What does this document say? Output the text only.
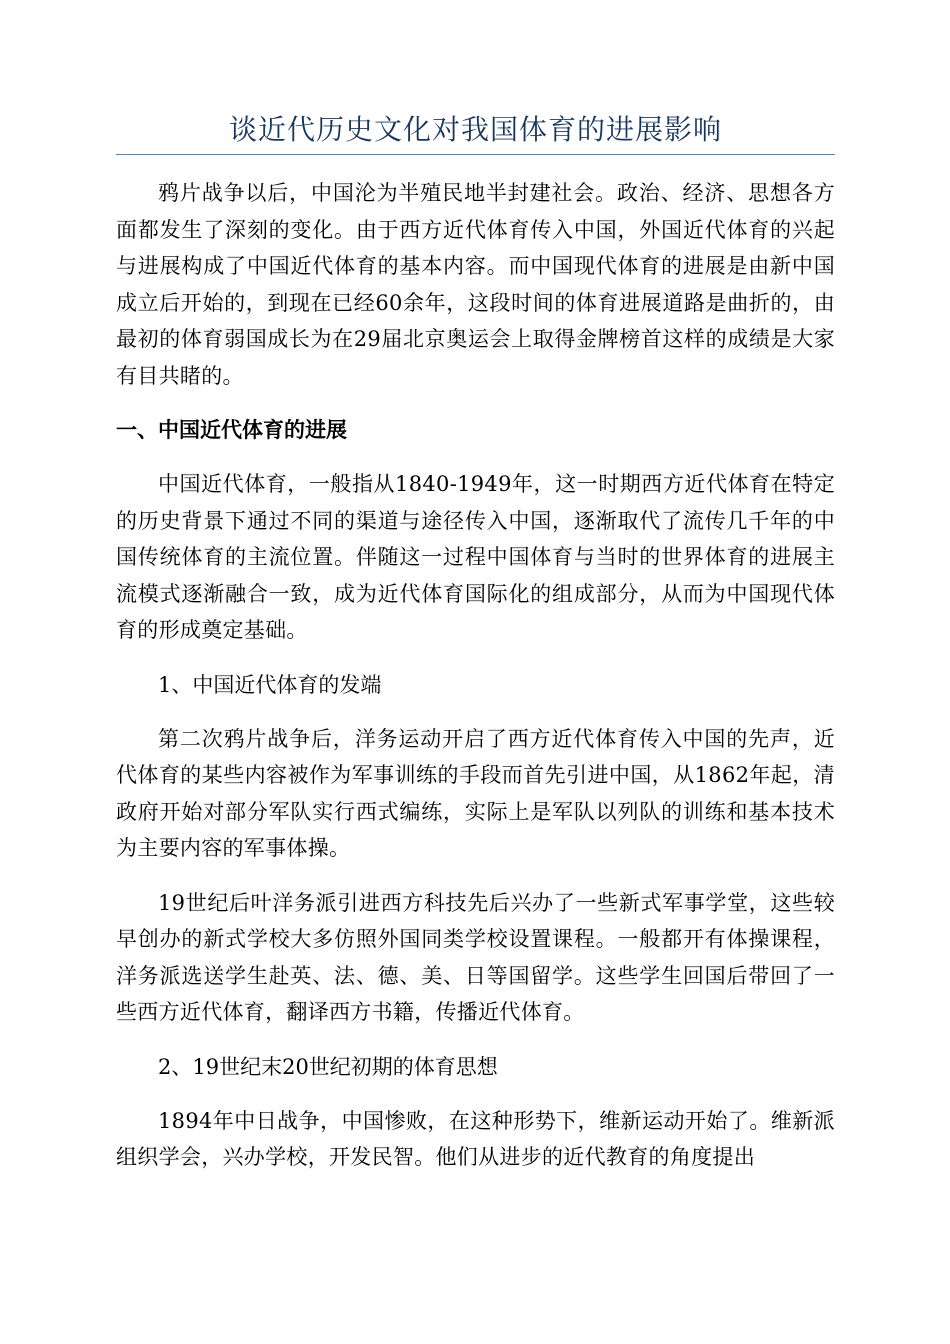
谈近代历史文化对我国体育的进展影响

鸦片战争以后，中国沦为半殖民地半封建社会。政治、经济、思想各方面都发生了深刻的变化。由于西方近代体育传入中国，外国近代体育的兴起与进展构成了中国近代体育的基本内容。而中国现代体育的进展是由新中国成立后开始的，到现在已经60余年，这段时间的体育进展道路是曲折的，由最初的体育弱国成长为在29届北京奥运会上取得金牌榜首这样的成绩是大家有目共睹的。

一、中国近代体育的进展

中国近代体育，一般指从1840-1949年，这一时期西方近代体育在特定的历史背景下通过不同的渠道与途径传入中国，逐渐取代了流传几千年的中国传统体育的主流位置。伴随这一过程中国体育与当时的世界体育的进展主流模式逐渐融合一致，成为近代体育国际化的组成部分，从而为中国现代体育的形成奠定基础。

1、中国近代体育的发端

第二次鸦片战争后，洋务运动开启了西方近代体育传入中国的先声，近代体育的某些内容被作为军事训练的手段而首先引进中国，从1862年起，清政府开始对部分军队实行西式编练，实际上是军队以列队的训练和基本技术为主要内容的军事体操。

19世纪后叶洋务派引进西方科技先后兴办了一些新式军事学堂，这些较早创办的新式学校大多仿照外国同类学校设置课程。一般都开有体操课程，洋务派选送学生赴英、法、德、美、日等国留学。这些学生回国后带回了一些西方近代体育，翻译西方书籍，传播近代体育。

2、19世纪末20世纪初期的体育思想

1894年中日战争，中国惨败，在这种形势下，维新运动开始了。维新派组织学会，兴办学校，开发民智。他们从进步的近代教育的角度提出
